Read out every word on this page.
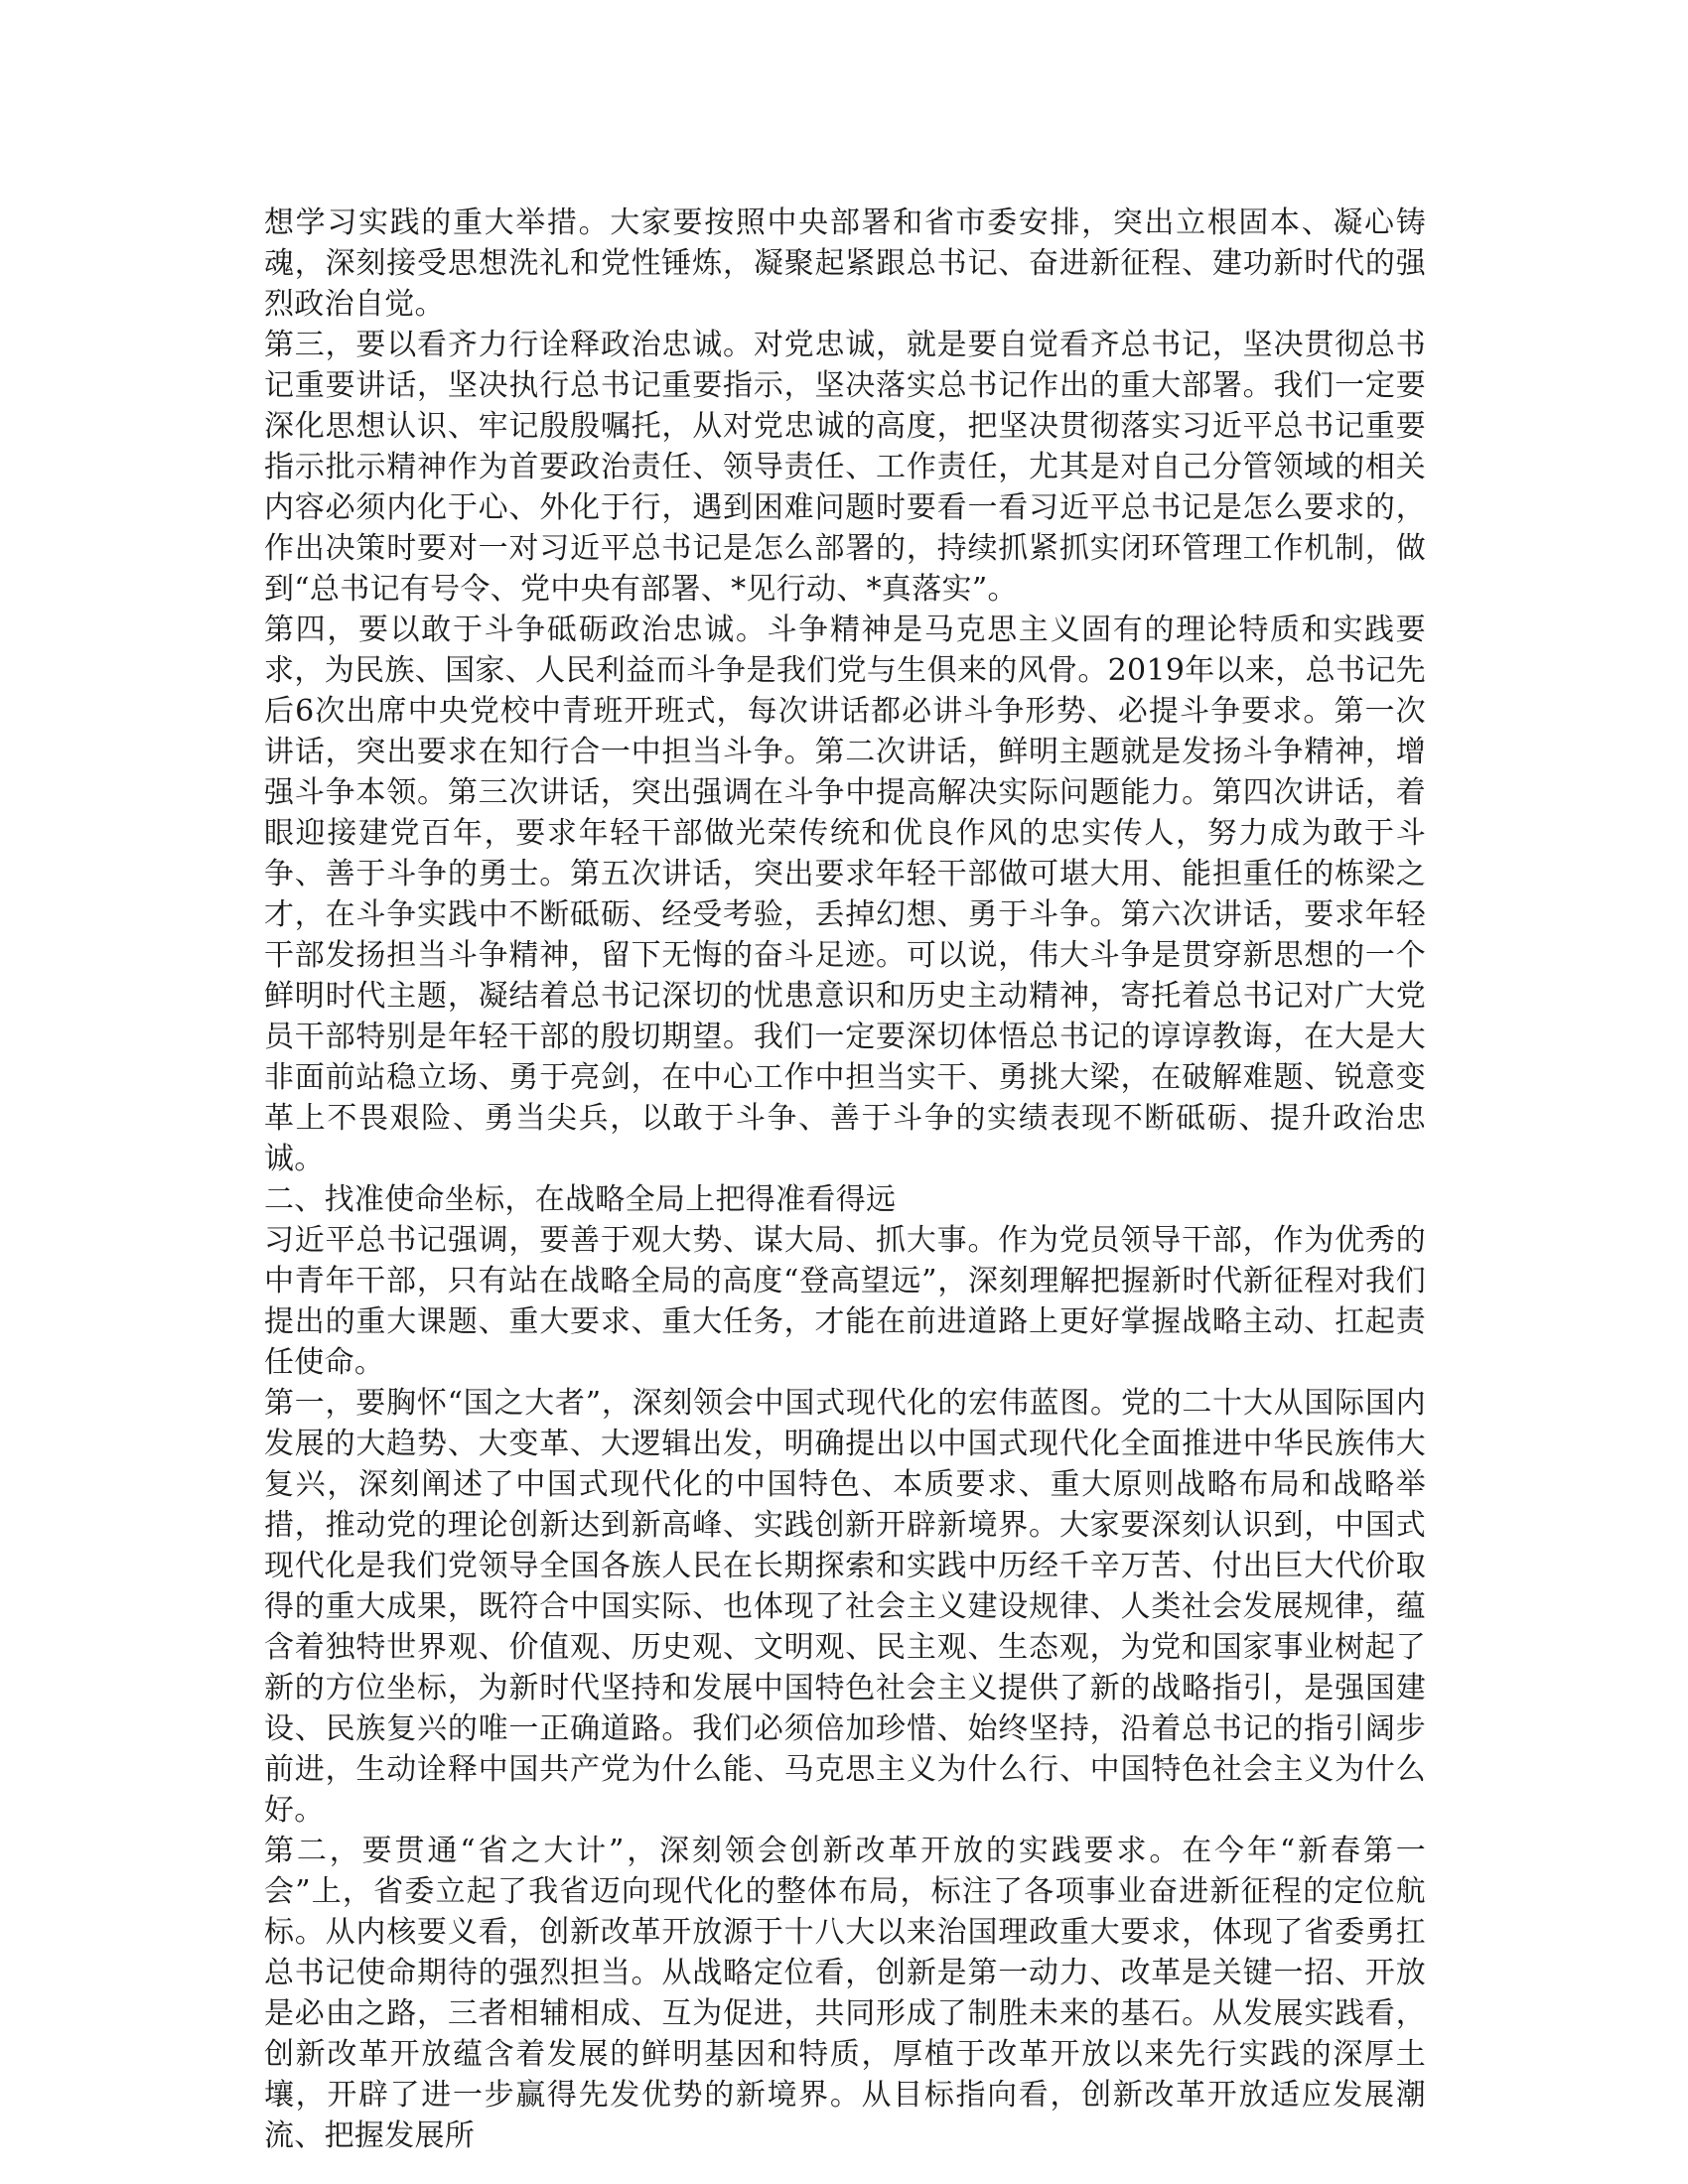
想学习实践的重大举措。大家要按照中央部署和省市委安排，突出立根固本、凝心铸魂，深刻接受思想洗礼和党性锤炼，凝聚起紧跟总书记、奋进新征程、建功新时代的强烈政治自觉。

第三，要以看齐力行诠释政治忠诚。对党忠诚，就是要自觉看齐总书记，坚决贯彻总书记重要讲话，坚决执行总书记重要指示，坚决落实总书记作出的重大部署。我们一定要深化思想认识、牢记殷殷嘱托，从对党忠诚的高度，把坚决贯彻落实习近平总书记重要指示批示精神作为首要政治责任、领导责任、工作责任，尤其是对自己分管领域的相关内容必须内化于心、外化于行，遇到困难问题时要看一看习近平总书记是怎么要求的，作出决策时要对一对习近平总书记是怎么部署的，持续抓紧抓实闭环管理工作机制，做到“总书记有号令、党中央有部署、*见行动、*真落实”。

第四，要以敢于斗争砥砺政治忠诚。斗争精神是马克思主义固有的理论特质和实践要求，为民族、国家、人民利益而斗争是我们党与生俱来的风骨。2019年以来，总书记先后6次出席中央党校中青班开班式，每次讲话都必讲斗争形势、必提斗争要求。第一次讲话，突出要求在知行合一中担当斗争。第二次讲话，鲜明主题就是发扬斗争精神，增强斗争本领。第三次讲话，突出强调在斗争中提高解决实际问题能力。第四次讲话，着眼迎接建党百年，要求年轻干部做光荣传统和优良作风的忠实传人，努力成为敢于斗争、善于斗争的勇士。第五次讲话，突出要求年轻干部做可堪大用、能担重任的栋梁之才，在斗争实践中不断砥砺、经受考验，丢掉幻想、勇于斗争。第六次讲话，要求年轻干部发扬担当斗争精神，留下无悔的奋斗足迹。可以说，伟大斗争是贯穿新思想的一个鲜明时代主题，凝结着总书记深切的忧患意识和历史主动精神，寄托着总书记对广大党员干部特别是年轻干部的殷切期望。我们一定要深切体悟总书记的谆谆教诲，在大是大非面前站稳立场、勇于亮剑，在中心工作中担当实干、勇挑大梁，在破解难题、锐意变革上不畏艰险、勇当尖兵，以敢于斗争、善于斗争的实绩表现不断砥砺、提升政治忠诚。

二、找准使命坐标，在战略全局上把得准看得远

习近平总书记强调，要善于观大势、谋大局、抓大事。作为党员领导干部，作为优秀的中青年干部，只有站在战略全局的高度“登高望远”，深刻理解把握新时代新征程对我们提出的重大课题、重大要求、重大任务，才能在前进道路上更好掌握战略主动、扛起责任使命。

第一，要胸怀“国之大者”，深刻领会中国式现代化的宏伟蓝图。党的二十大从国际国内发展的大趋势、大变革、大逻辑出发，明确提出以中国式现代化全面推进中华民族伟大复兴，深刻阐述了中国式现代化的中国特色、本质要求、重大原则战略布局和战略举措，推动党的理论创新达到新高峰、实践创新开辟新境界。大家要深刻认识到，中国式现代化是我们党领导全国各族人民在长期探索和实践中历经千辛万苦、付出巨大代价取得的重大成果，既符合中国实际、也体现了社会主义建设规律、人类社会发展规律，蕴含着独特世界观、价值观、历史观、文明观、民主观、生态观，为党和国家事业树起了新的方位坐标，为新时代坚持和发展中国特色社会主义提供了新的战略指引，是强国建设、民族复兴的唯一正确道路。我们必须倍加珍惜、始终坚持，沿着总书记的指引阔步前进，生动诠释中国共产党为什么能、马克思主义为什么行、中国特色社会主义为什么好。

第二，要贯通“省之大计”，深刻领会创新改革开放的实践要求。在今年“新春第一会”上，省委立起了我省迈向现代化的整体布局，标注了各项事业奋进新征程的定位航标。从内核要义看，创新改革开放源于十八大以来治国理政重大要求，体现了省委勇扛总书记使命期待的强烈担当。从战略定位看，创新是第一动力、改革是关键一招、开放是必由之路，三者相辅相成、互为促进，共同形成了制胜未来的基石。从发展实践看，创新改革开放蕴含着发展的鲜明基因和特质，厚植于改革开放以来先行实践的深厚土壤，开辟了进一步赢得先发优势的新境界。从目标指向看，创新改革开放适应发展潮流、把握发展所
